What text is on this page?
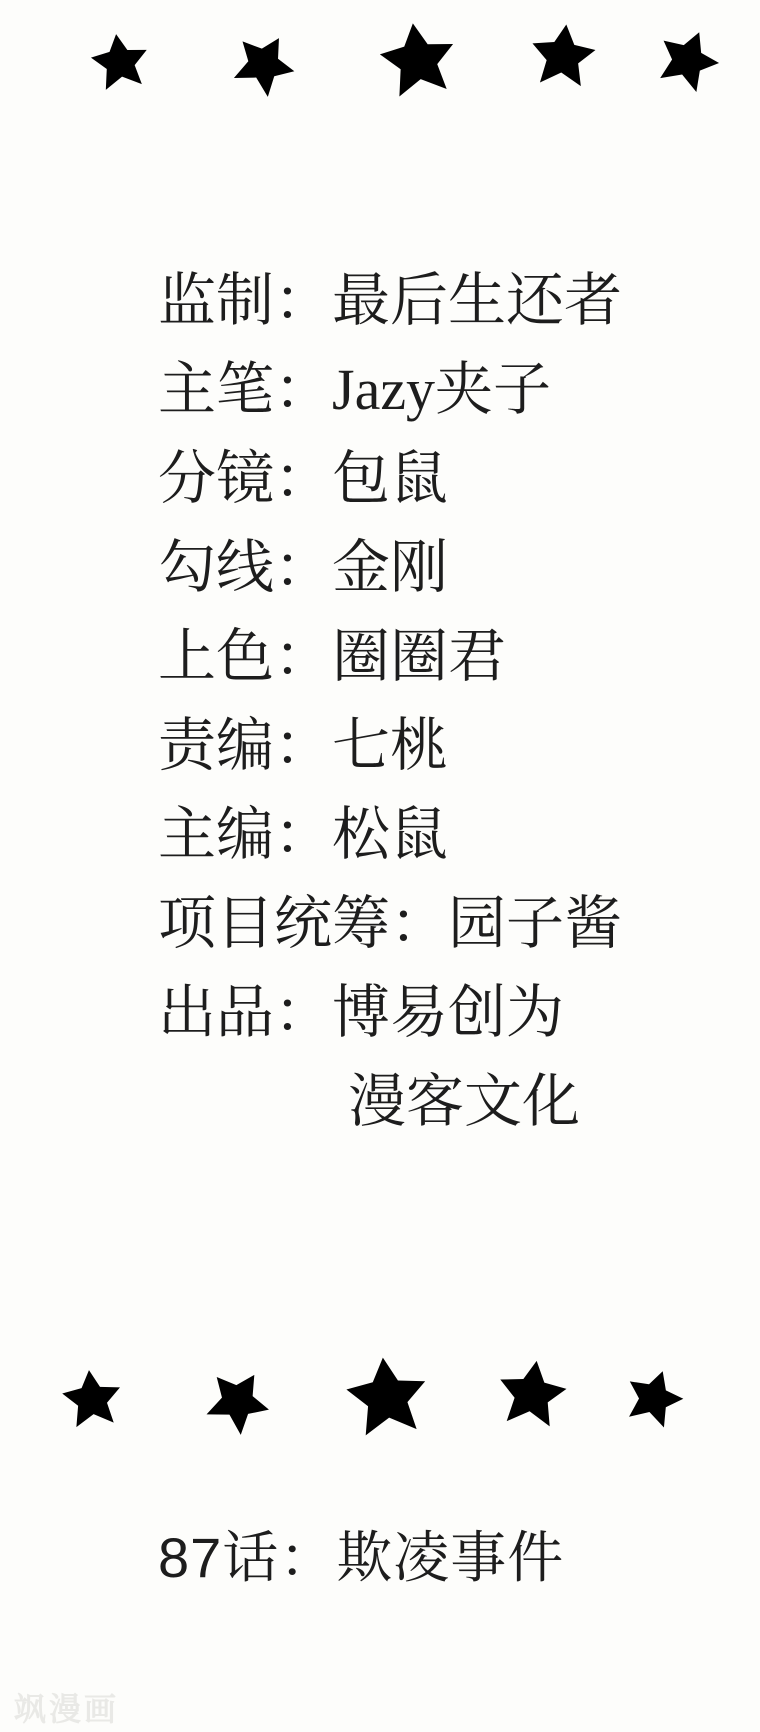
监制：最后生还者
主笔：Jazy夹子
分镜：包鼠
勾线：金刚
上色：圈圈君
责编：七桃
主编：松鼠
项目统筹：园子酱
出品：博易创为
漫客文化
87话：欺凌事件
飒漫画
